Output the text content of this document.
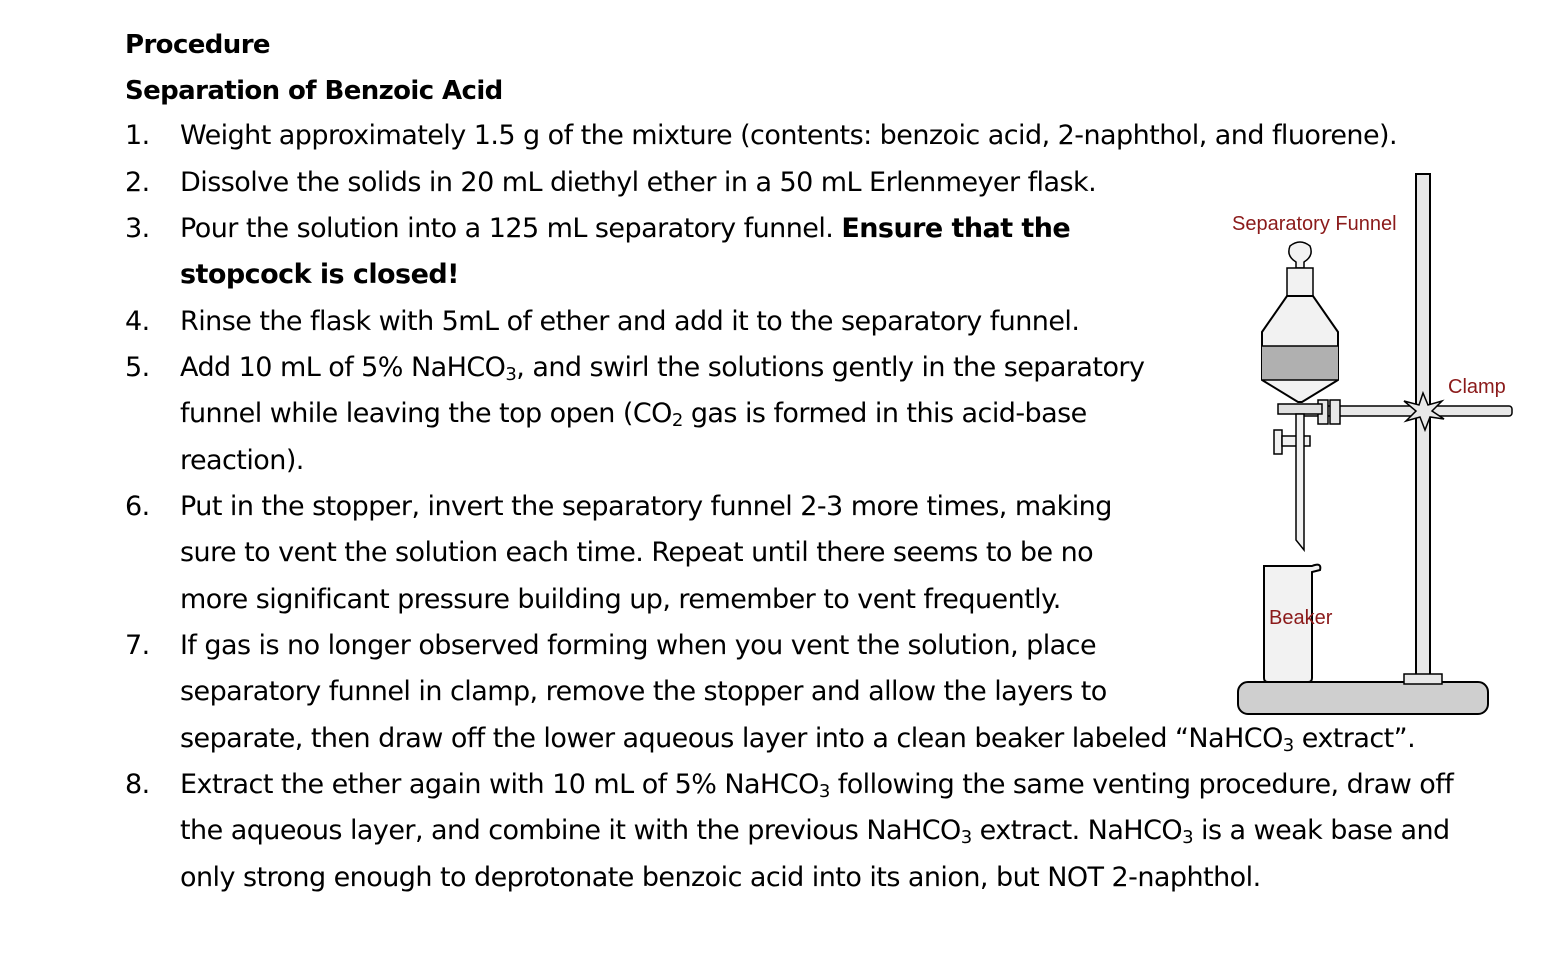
Procedure
Separation of Benzoic Acid
1. Weight approximately 1.5 g of the mixture (contents: benzoic acid, 2-naphthol, and fluorene).
2. Dissolve the solids in 20 mL diethyl ether in a 50 mL Erlenmeyer flask.
3. Pour the solution into a 125 mL separatory funnel. Ensure that the
stopcock is closed!
4. Rinse the flask with 5mL of ether and add it to the separatory funnel.
5. Add 10 mL of 5% NaHCO$_3$, and swirl the solutions gently in the separatory
funnel while leaving the top open ($CO_2$ gas is formed in this acid-base
reaction).
6. Put in the stopper, invert the separatory funnel 2-3 more times, making
sure to vent the solution each time. Repeat until there seems to be no
more significant pressure building up, remember to vent frequently.
7. If gas is no longer observed forming when you vent the solution, place
separatory funnel in clamp, remove the stopper and allow the layers to
separate, then draw off the lower aqueous layer into a clean beaker labeled “NaHCO$_3$ extract”.
8. Extract the ether again with 10 mL of 5% NaHCO$_3$ following the same venting procedure, draw off
the aqueous layer, and combine it with the previous NaHCO$_3$ extract. NaHCO$_3$ is a weak base and
only strong enough to deprotonate benzoic acid into its anion, but NOT 2-naphthol.
Separatory Funnel
Clamp
Beaker
